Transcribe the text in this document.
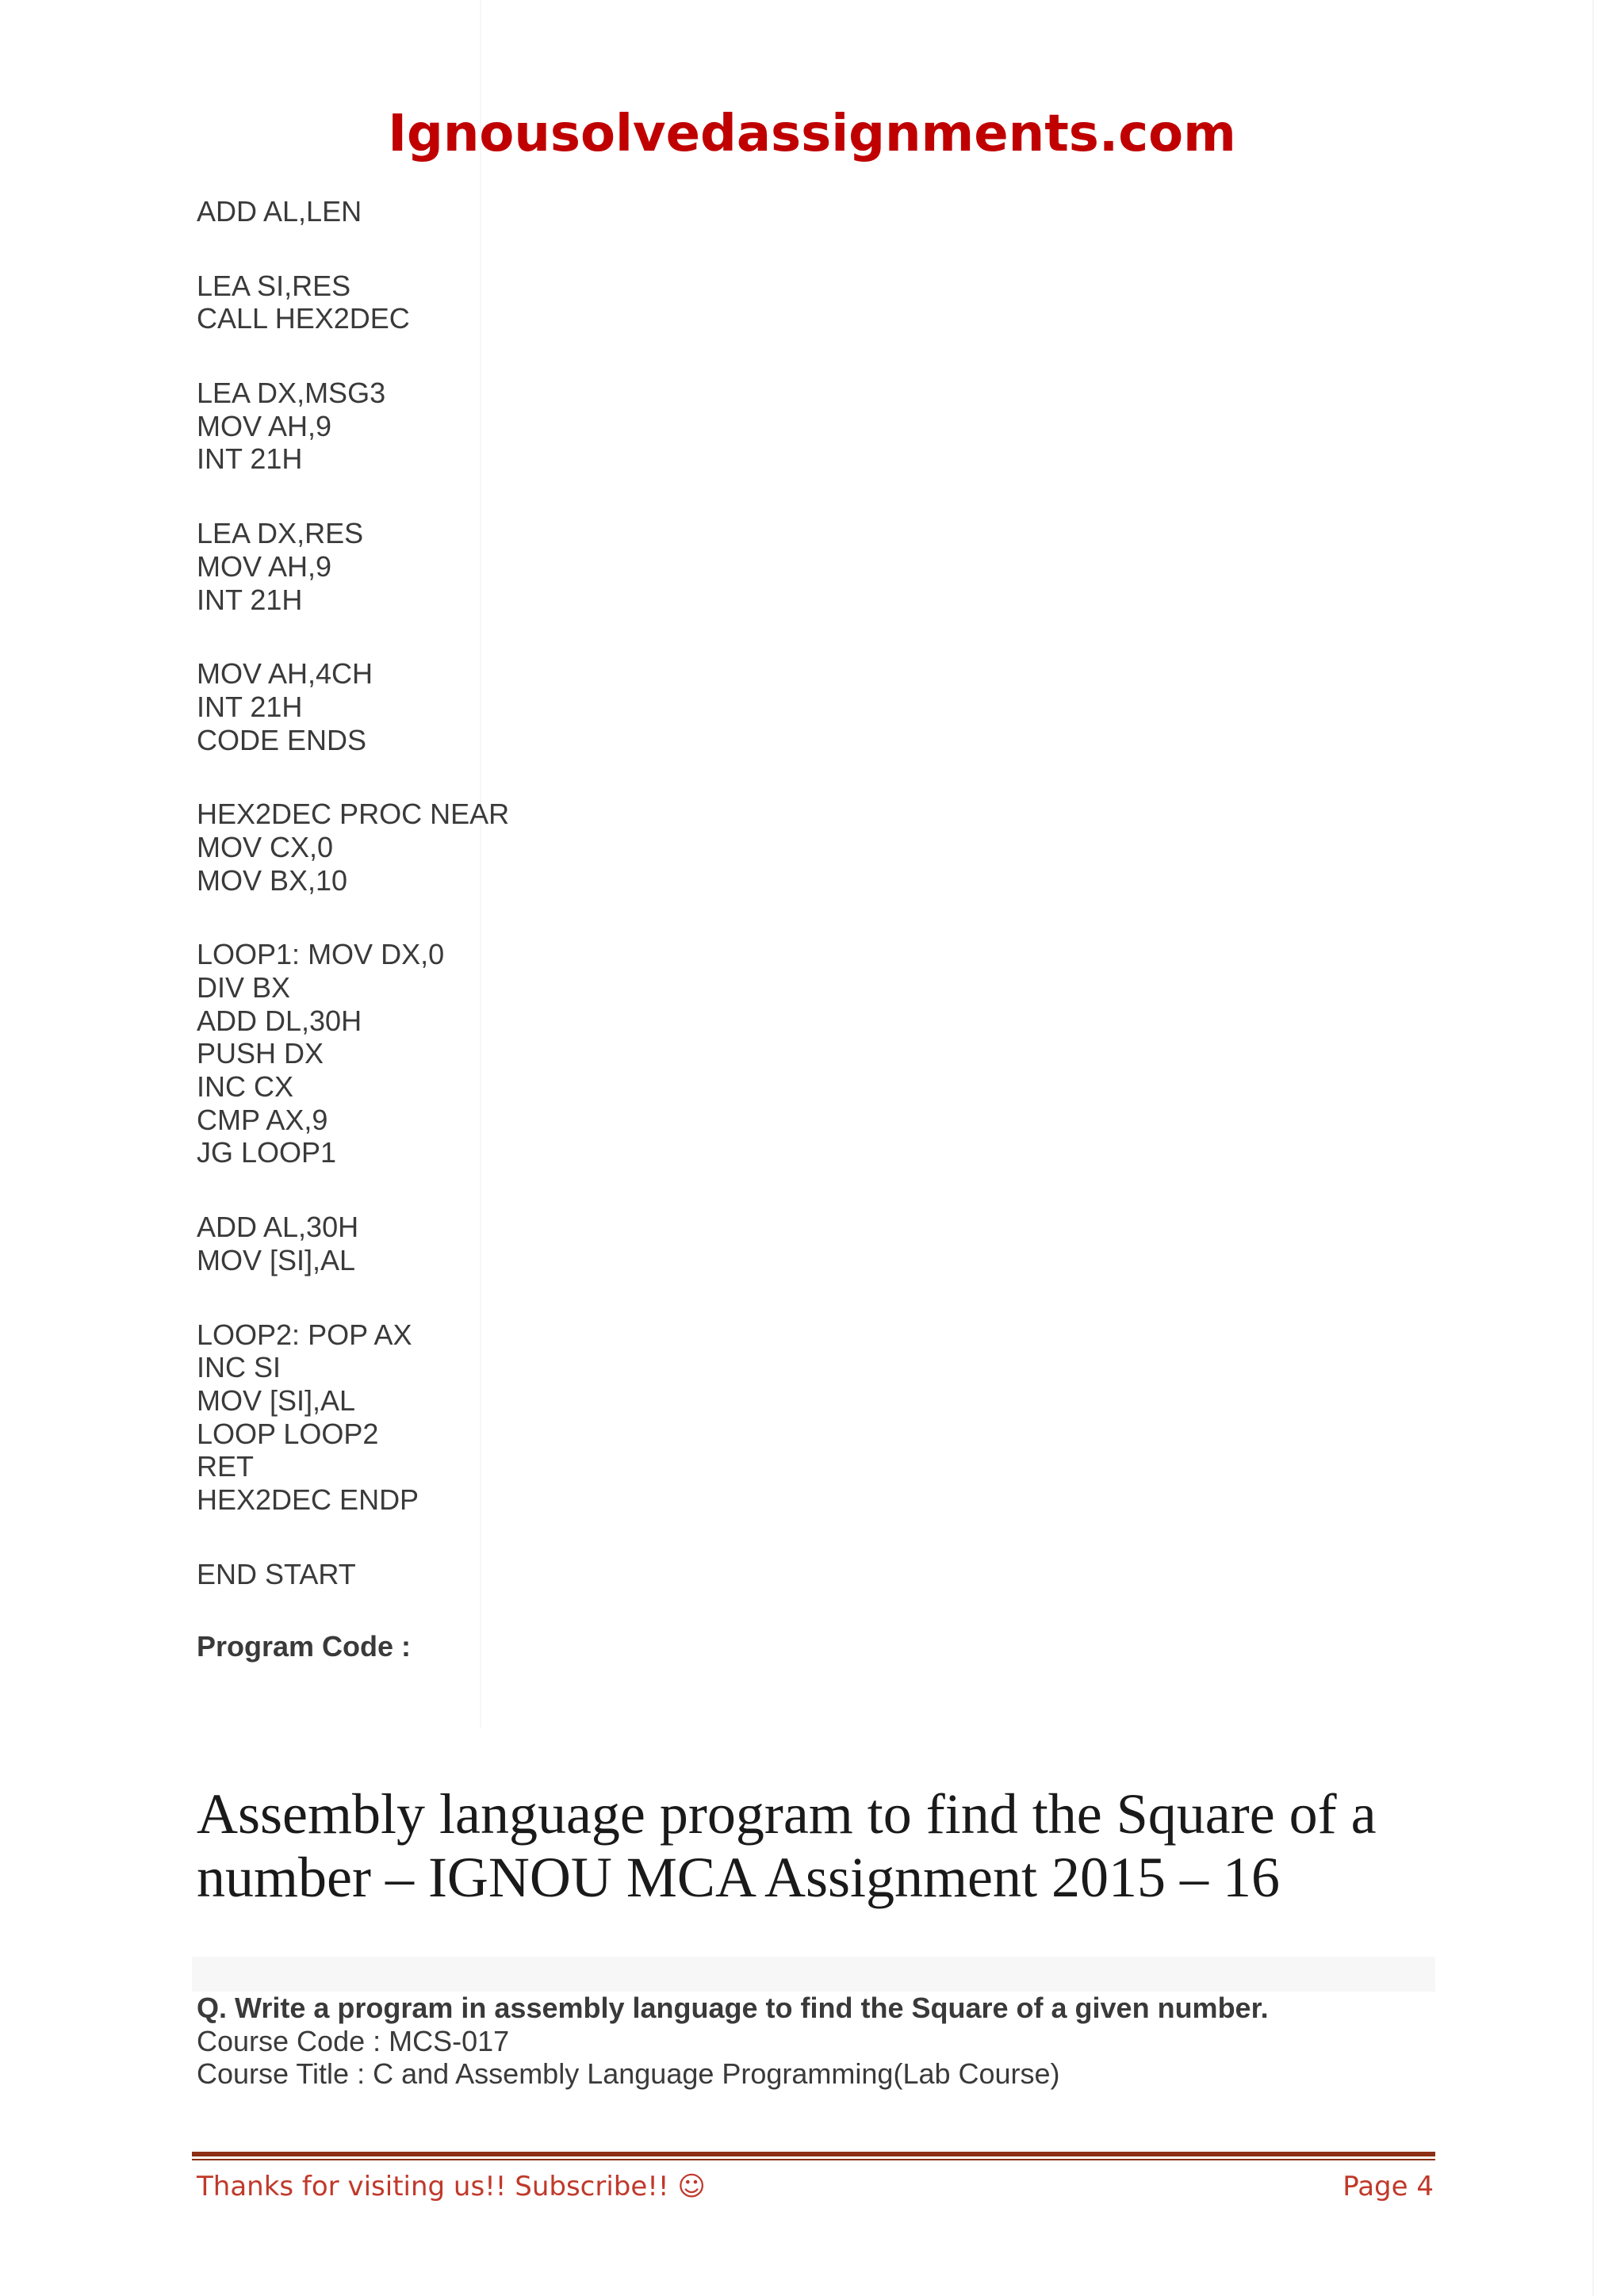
Ignousolvedassignments.com
ADD AL,LEN
LEA SI,RES
CALL HEX2DEC
LEA DX,MSG3
MOV AH,9
INT 21H
LEA DX,RES
MOV AH,9
INT 21H
MOV AH,4CH
INT 21H
CODE ENDS
HEX2DEC PROC NEAR
MOV CX,0
MOV BX,10
LOOP1: MOV DX,0
DIV BX
ADD DL,30H
PUSH DX
INC CX
CMP AX,9
JG LOOP1
ADD AL,30H
MOV [SI],AL
LOOP2: POP AX
INC SI
MOV [SI],AL
LOOP LOOP2
RET
HEX2DEC ENDP
END START
Program Code :
Assembly language program to find the Square of a number – IGNOU MCA Assignment 2015 – 16
Q. Write a program in assembly language to find the Square of a given number.
Course Code : MCS-017
Course Title : C and Assembly Language Programming(Lab Course)
Thanks for visiting us!! Subscribe!! ☺	Page 4
